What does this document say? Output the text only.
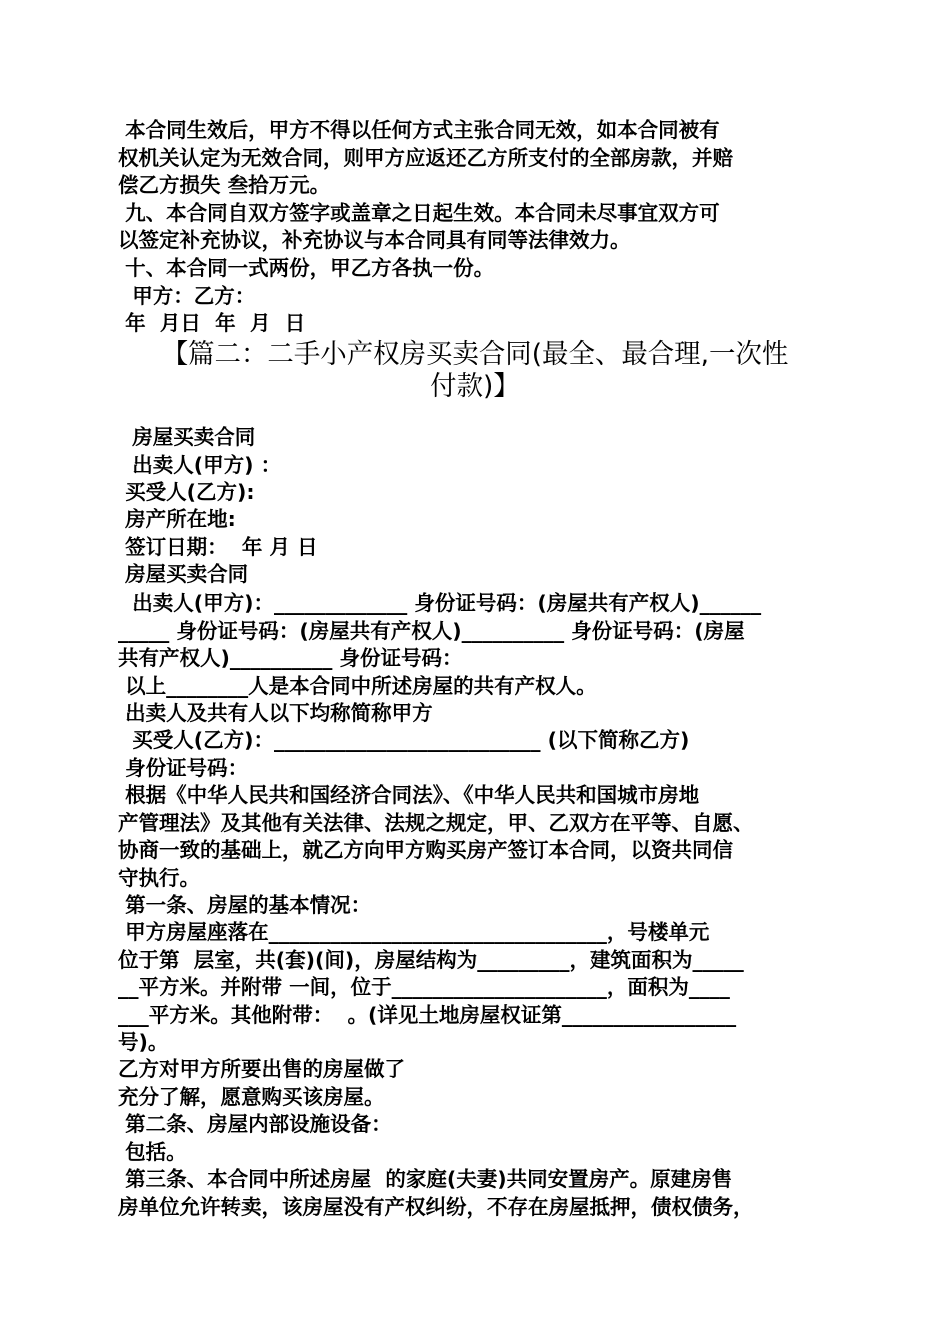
本合同生效后，甲方不得以任何方式主张合同无效，如本合同被有
权机关认定为无效合同，则甲方应返还乙方所支付的全部房款，并赔
偿乙方损失 叁拾万元。
九、本合同自双方签字或盖章之日起生效。本合同未尽事宜双方可
以签定补充协议，补充协议与本合同具有同等法律效力。
十、本合同一式两份，甲乙方各执一份。
甲方：乙方：
年  月日  年  月  日
【篇二：二手小产权房买卖合同(最全、最合理,一次性
付款)】
房屋买卖合同
出卖人(甲方) ：
买受人(乙方):
房产所在地:
签订日期：  年 月 日
房屋买卖合同
出卖人(甲方)：_____________ 身份证号码：(房屋共有产权人)______
_____ 身份证号码：(房屋共有产权人)__________ 身份证号码：(房屋
共有产权人)__________ 身份证号码：
以上________人是本合同中所述房屋的共有产权人。
出卖人及共有人以下均称简称甲方
买受人(乙方)：__________________________ (以下简称乙方)
身份证号码：
根据《中华人民共和国经济合同法》、《中华人民共和国城市房地
产管理法》及其他有关法律、法规之规定，甲、乙双方在平等、自愿、
协商一致的基础上，就乙方向甲方购买房产签订本合同，以资共同信
守执行。
第一条、房屋的基本情况：
甲方房屋座落在_________________________________，号楼单元
位于第  层室，共(套)(间)，房屋结构为_________，建筑面积为_____
__平方米。并附带 一间，位于_____________________，面积为____
___平方米。其他附带：  。(详见土地房屋权证第_________________
号)。
乙方对甲方所要出售的房屋做了
充分了解，愿意购买该房屋。
第二条、房屋内部设施设备：
包括。
第三条、本合同中所述房屋  的家庭(夫妻)共同安置房产。原建房售
房单位允许转卖，该房屋没有产权纠纷，不存在房屋抵押，债权债务，
